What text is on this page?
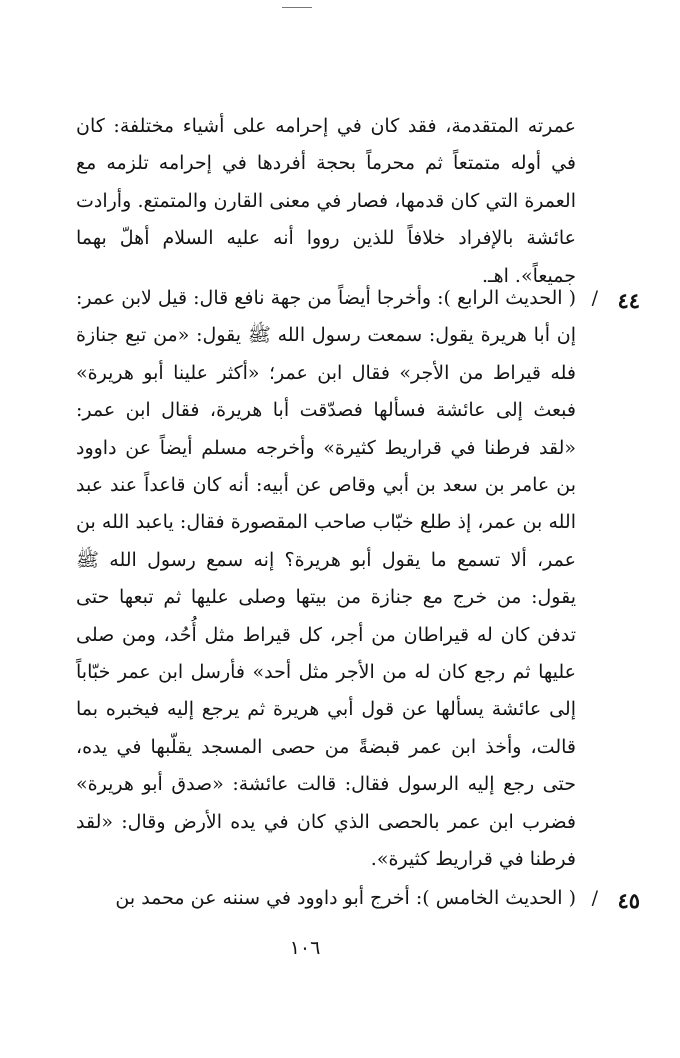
عمرته المتقدمة، فقد كان في إحرامه على أشياء مختلفة: كان في أوله متمتعاً ثم محرماً بحجة أفردها في إحرامه تلزمه مع العمرة التي كان قدمها، فصار في معنى القارن والمتمتع. وأرادت عائشة بالإفراد خلافاً للذين رووا أنه عليه السلام أهلّ بهما جميعاً». اهـ.

٤٤
/

( الحديث الرابع ): وأخرجا أيضاً من جهة نافع قال: قيل لابن عمر: إن أبا هريرة يقول: سمعت رسول الله ﷺ يقول: «من تبع جنازة فله قيراط من الأجر» فقال ابن عمر؛ «أكثر علينا أبو هريرة» فبعث إلى عائشة فسألها فصدّقت أبا هريرة، فقال ابن عمر: «لقد فرطنا في قراريط كثيرة» وأخرجه مسلم أيضاً عن داوود بن عامر بن سعد بن أبي وقاص عن أبيه: أنه كان قاعداً عند عبد الله بن عمر، إذ طلع خبّاب صاحب المقصورة فقال: ياعبد الله بن عمر، ألا تسمع ما يقول أبو هريرة؟ إنه سمع رسول الله ﷺ يقول: من خرج مع جنازة من بيتها وصلى عليها ثم تبعها حتى تدفن كان له قيراطان من أجر، كل قيراط مثل أُحُد، ومن صلى عليها ثم رجع كان له من الأجر مثل أحد» فأرسل ابن عمر خبّاباً إلى عائشة يسألها عن قول أبي هريرة ثم يرجع إليه فيخبره بما قالت، وأخذ ابن عمر قبضةً من حصى المسجد يقلّبها في يده، حتى رجع إليه الرسول فقال: قالت عائشة: «صدق أبو هريرة» فضرب ابن عمر بالحصى الذي كان في يده الأرض وقال: «لقد فرطنا في قراريط كثيرة».

٤٥
/

( الحديث الخامس ): أخرج أبو داوود في سننه عن محمد بن

١٠٦
